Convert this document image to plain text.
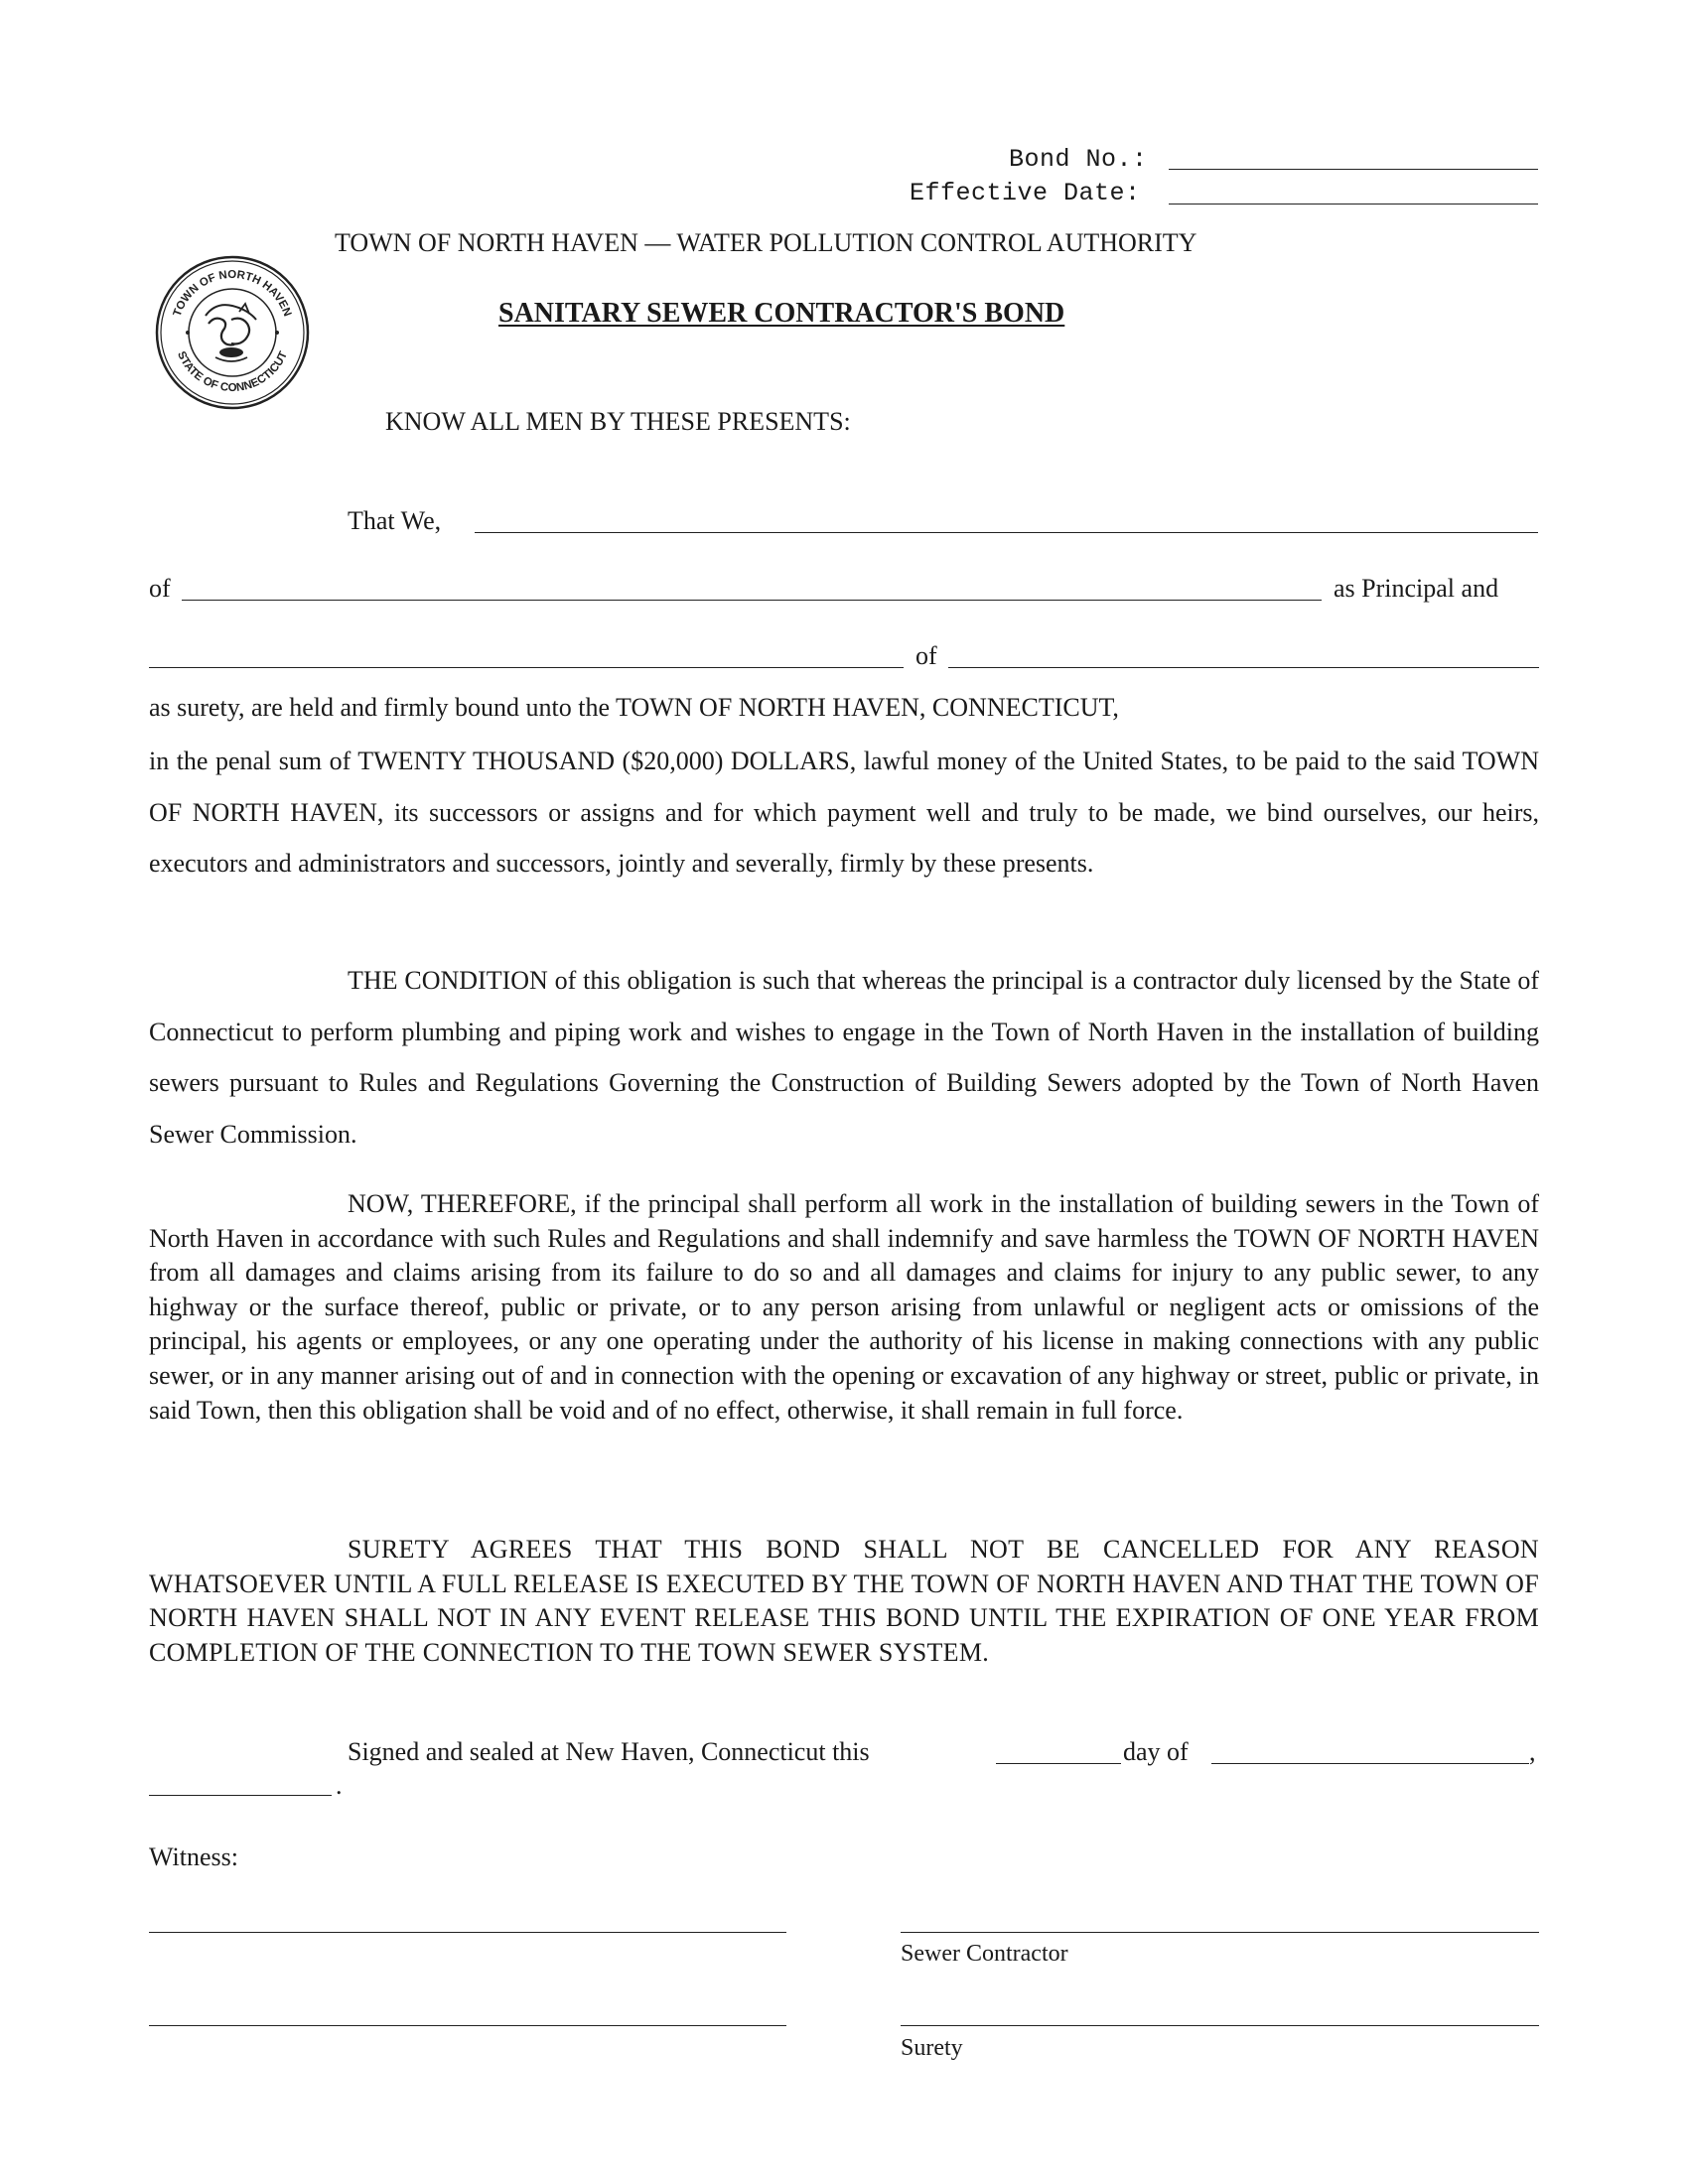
Bond No.:
Effective Date:
TOWN OF NORTH HAVEN — WATER POLLUTION CONTROL AUTHORITY
TOWN OF NORTH HAVEN
STATE OF CONNECTICUT
SANITARY SEWER CONTRACTOR'S BOND
KNOW ALL MEN BY THESE PRESENTS:
That We,
of	as Principal and
of
as surety, are held and firmly bound unto the TOWN OF NORTH HAVEN, CONNECTICUT,
in the penal sum of TWENTY THOUSAND ($20,000) DOLLARS, lawful money of the United States, to be paid to the said TOWN OF NORTH HAVEN, its successors or assigns and for which payment well and truly to be made, we bind ourselves, our heirs, executors and administrators and successors, jointly and severally, firmly by these presents.
THE CONDITION of this obligation is such that whereas the principal is a contractor duly licensed by the State of Connecticut to perform plumbing and piping work and wishes to engage in the Town of North Haven in the installation of building sewers pursuant to Rules and Regulations Governing the Construction of Building Sewers adopted by the Town of North Haven Sewer Commission.
NOW, THEREFORE, if the principal shall perform all work in the installation of building sewers in the Town of North Haven in accordance with such Rules and Regulations and shall indemnify and save harmless the TOWN OF NORTH HAVEN from all damages and claims arising from its failure to do so and all damages and claims for injury to any public sewer, to any highway or the surface thereof, public or private, or to any person arising from unlawful or negligent acts or omissions of the principal, his agents or employees, or any one operating under the authority of his license in making connections with any public sewer, or in any manner arising out of and in connection with the opening or excavation of any highway or street, public or private, in said Town, then this obligation shall be void and of no effect, otherwise, it shall remain in full force.
SURETY AGREES THAT THIS BOND SHALL NOT BE CANCELLED FOR ANY REASON WHATSOEVER UNTIL A FULL RELEASE IS EXECUTED BY THE TOWN OF NORTH HAVEN AND THAT THE TOWN OF NORTH HAVEN SHALL NOT IN ANY EVENT RELEASE THIS BOND UNTIL THE EXPIRATION OF ONE YEAR FROM COMPLETION OF THE CONNECTION TO THE TOWN SEWER SYSTEM.
Signed and sealed at New Haven, Connecticut this	day of	,
.
Witness:
Sewer Contractor
Surety
